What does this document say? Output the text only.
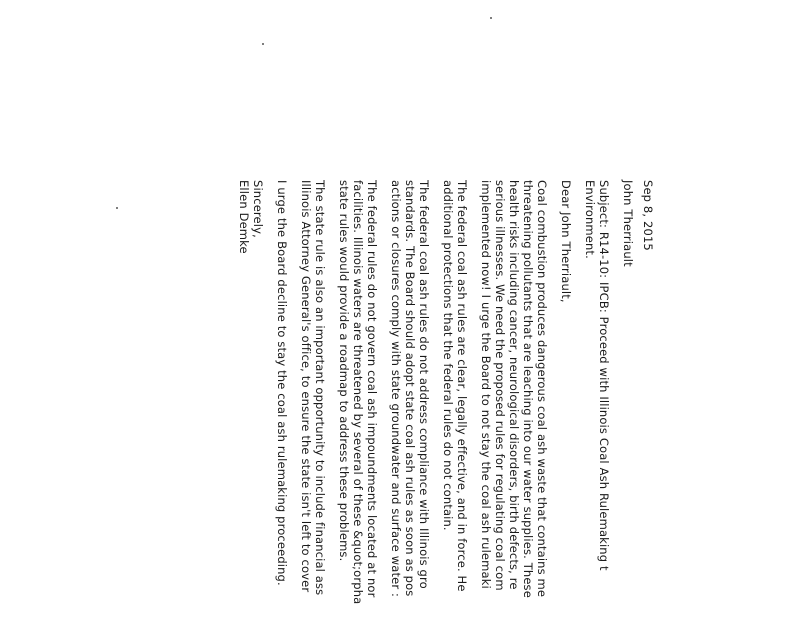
Sep 8, 2015
John Therriault
Subject: R14-10: IPCB: Proceed with Illinois Coal Ash Rulemaking t
Environment.
Dear John Therriault,
Coal combustion produces dangerous coal ash waste that contains me
threatening pollutants that are leaching into our water supplies. These
health risks including cancer, neurological disorders, birth defects, re
serious illnesses. We need the proposed rules for regulating coal com
implemented now! I urge the Board to not stay the coal ash rulemaki
The federal coal ash rules are clear, legally effective, and in force. He
additional protections that the federal rules do not contain.
The federal coal ash rules do not address compliance with Illinois gro
standards. The Board should adopt state coal ash rules as soon as pos
actions or closures comply with state groundwater and surface water :
The federal rules do not govern coal ash impoundments located at nor
facilities. Illinois waters are threatened by several of these &quot;orpha
state rules would provide a roadmap to address these problems.
The state rule is also an important opportunity to include financial ass
Illinois Attorney General's office, to ensure the state isn't left to cover
I urge the Board decline to stay the coal ash rulemaking proceeding.
Sincerely,
Ellen Demke
